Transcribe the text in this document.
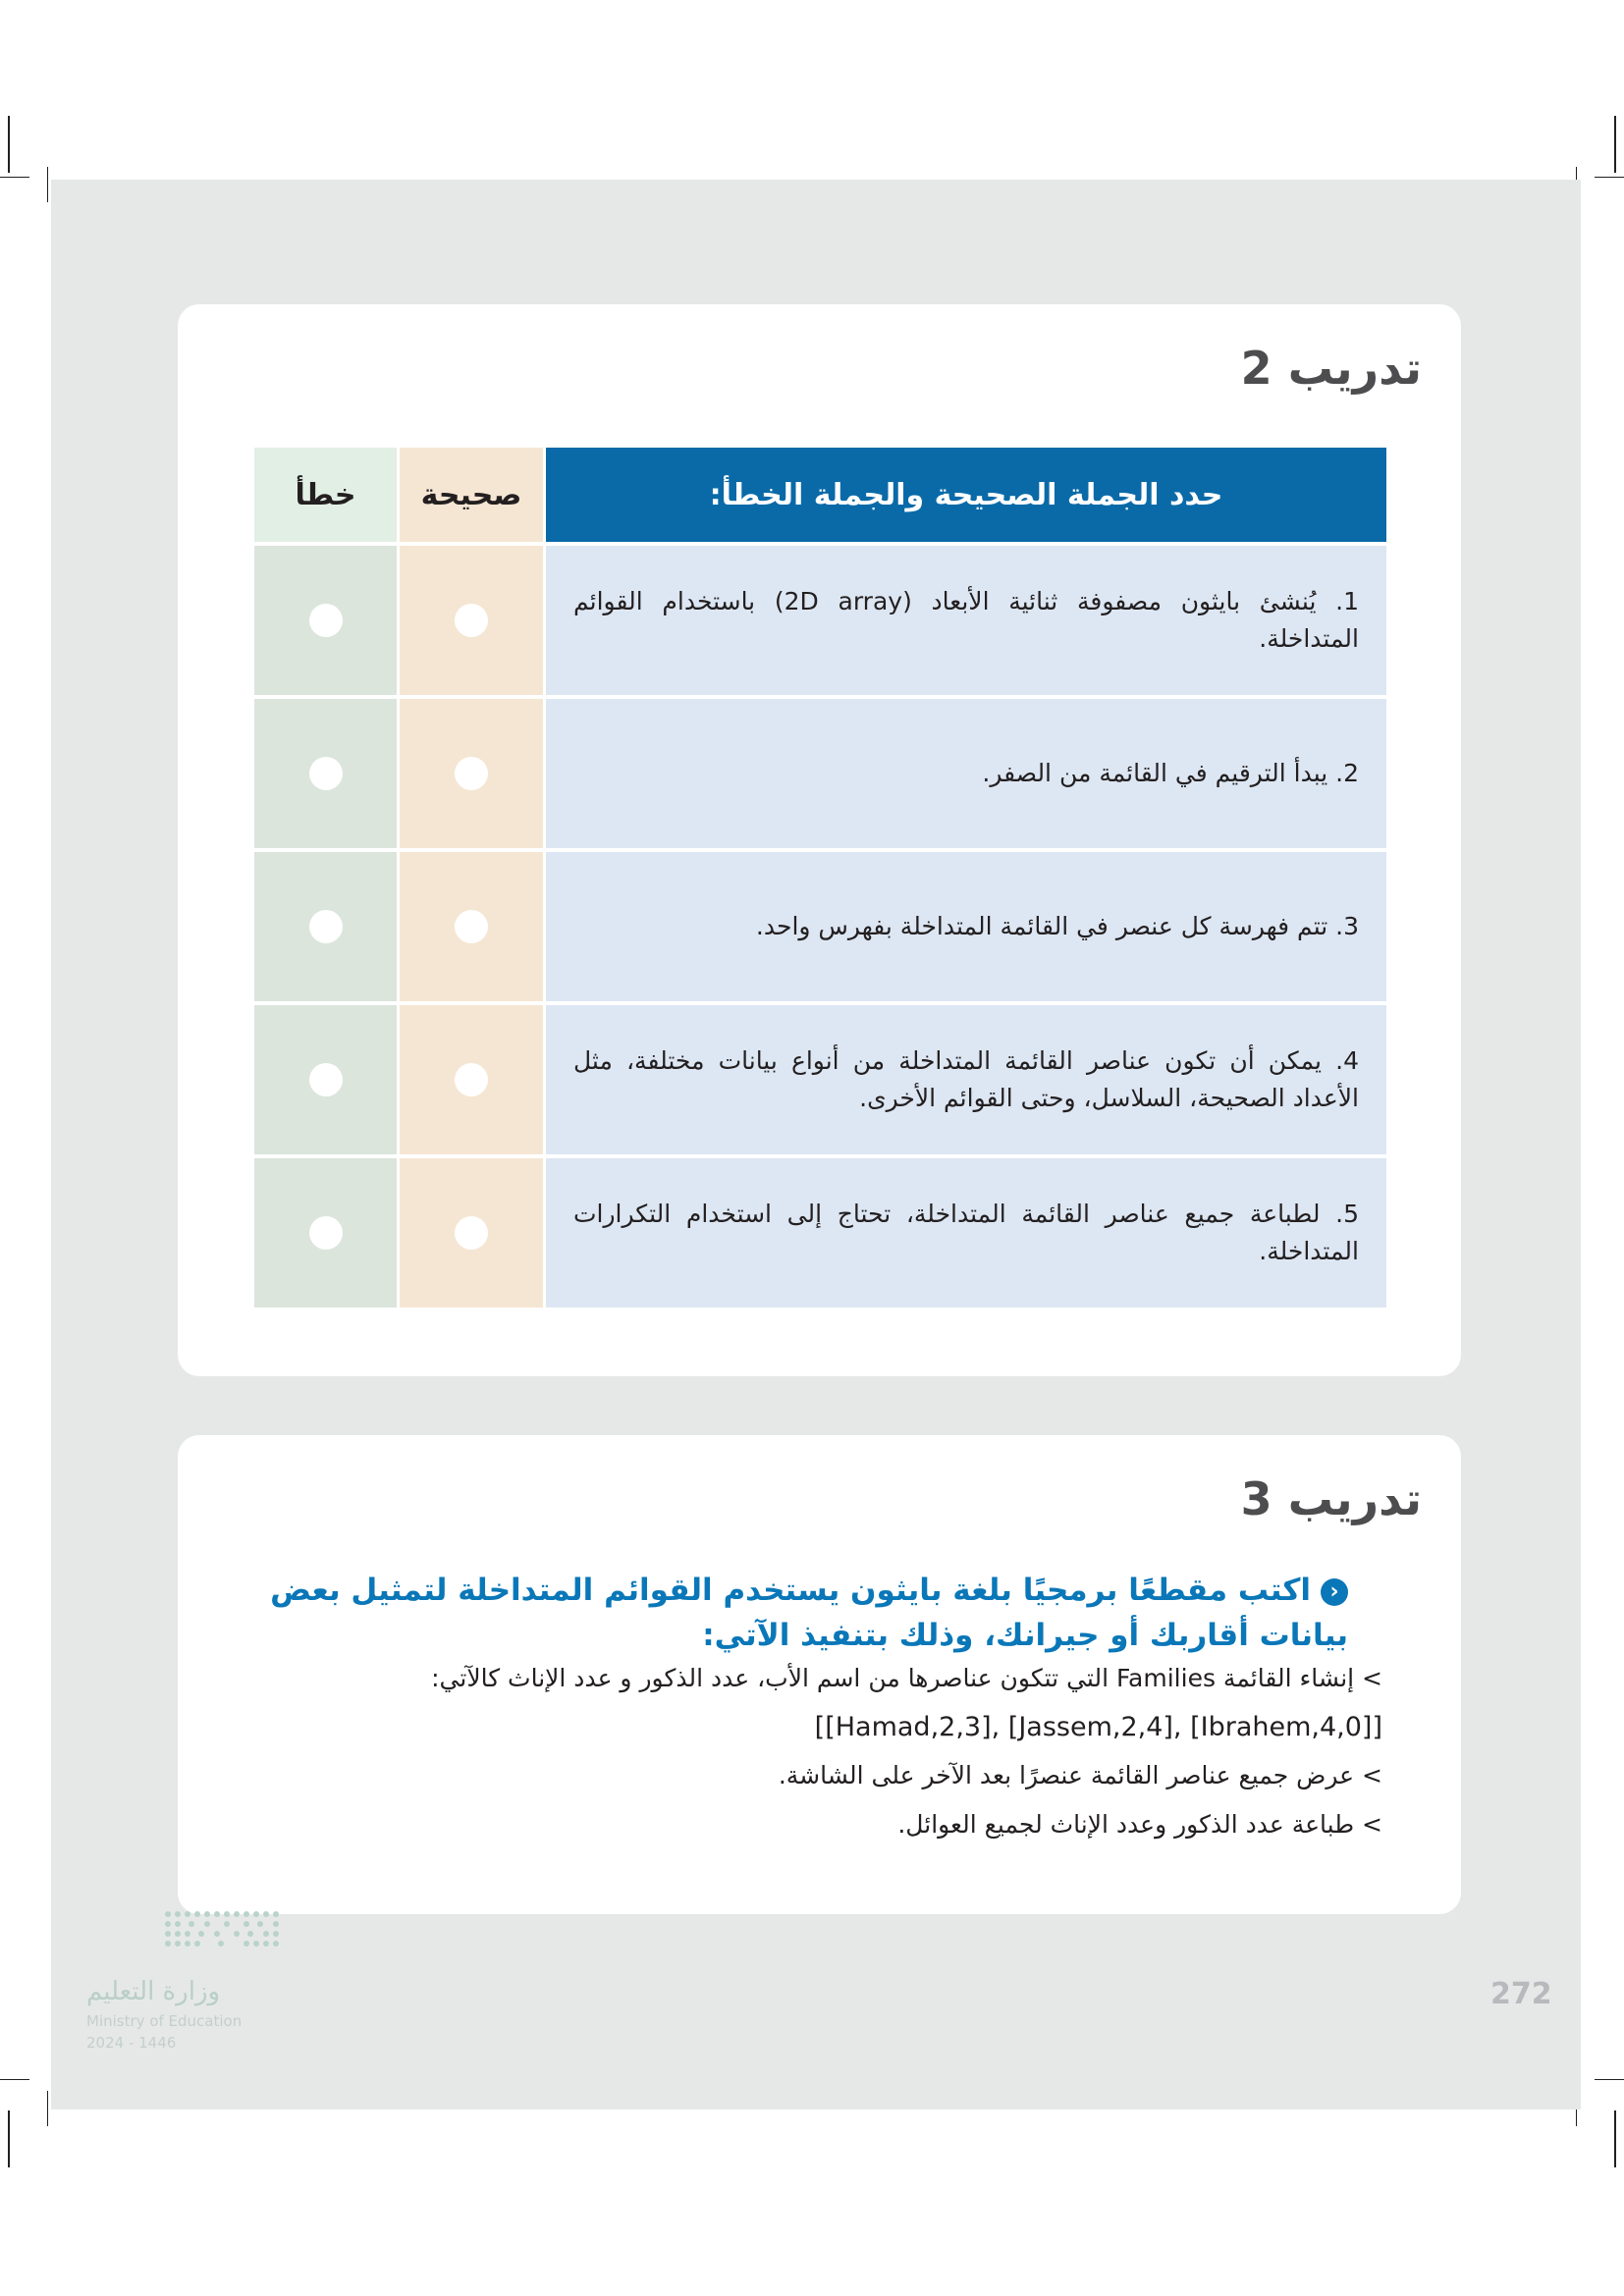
تدريب 2
حدد الجملة الصحيحة والجملة الخطأ:
صحيحة
خطأ
1. يُنشئ بايثون مصفوفة ثنائية الأبعاد (2D array) باستخدام القوائم المتداخلة.
2. يبدأ الترقيم في القائمة من الصفر.
3. تتم فهرسة كل عنصر في القائمة المتداخلة بفهرس واحد.
4. يمكن أن تكون عناصر القائمة المتداخلة من أنواع بيانات مختلفة، مثل الأعداد الصحيحة، السلاسل، وحتى القوائم الأخرى.
5. لطباعة جميع عناصر القائمة المتداخلة، تحتاج إلى استخدام التكرارات المتداخلة.
تدريب 3
‹اكتب مقطعًا برمجيًا بلغة بايثون يستخدم القوائم المتداخلة لتمثيل بعض بيانات أقاربك أو جيرانك، وذلك بتنفيذ الآتي:
> إنشاء القائمة Families التي تتكون عناصرها من اسم الأب، عدد الذكور و عدد الإناث كالآتي:
[[Hamad,2,3], [Jassem,2,4], [Ibrahem,4,0]]
> عرض جميع عناصر القائمة عنصرًا بعد الآخر على الشاشة.
> طباعة عدد الذكور وعدد الإناث لجميع العوائل.
وزارة التعليم
Ministry of Education
2024 - 1446
272
